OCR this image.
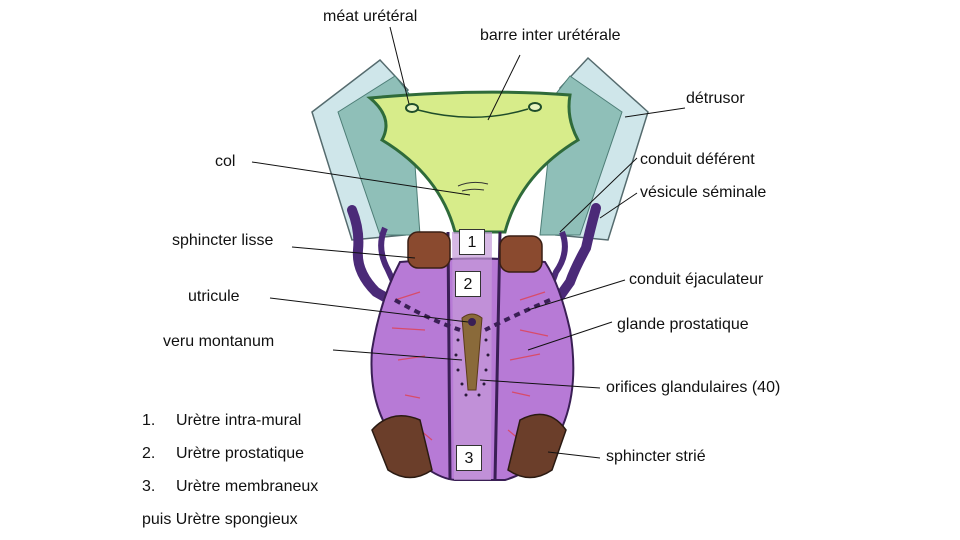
méat urétéral
barre inter urétérale
détrusor
col	conduit déférent
vésicule séminale
sphincter lisse
utricule
conduit éjaculateur
glande prostatique
veru montanum
orifices glandulaires (40)
sphincter strié
1
2
3
1. Urètre intra-mural
2. Urètre prostatique
3. Urètre membraneux
puis Urètre spongieux
